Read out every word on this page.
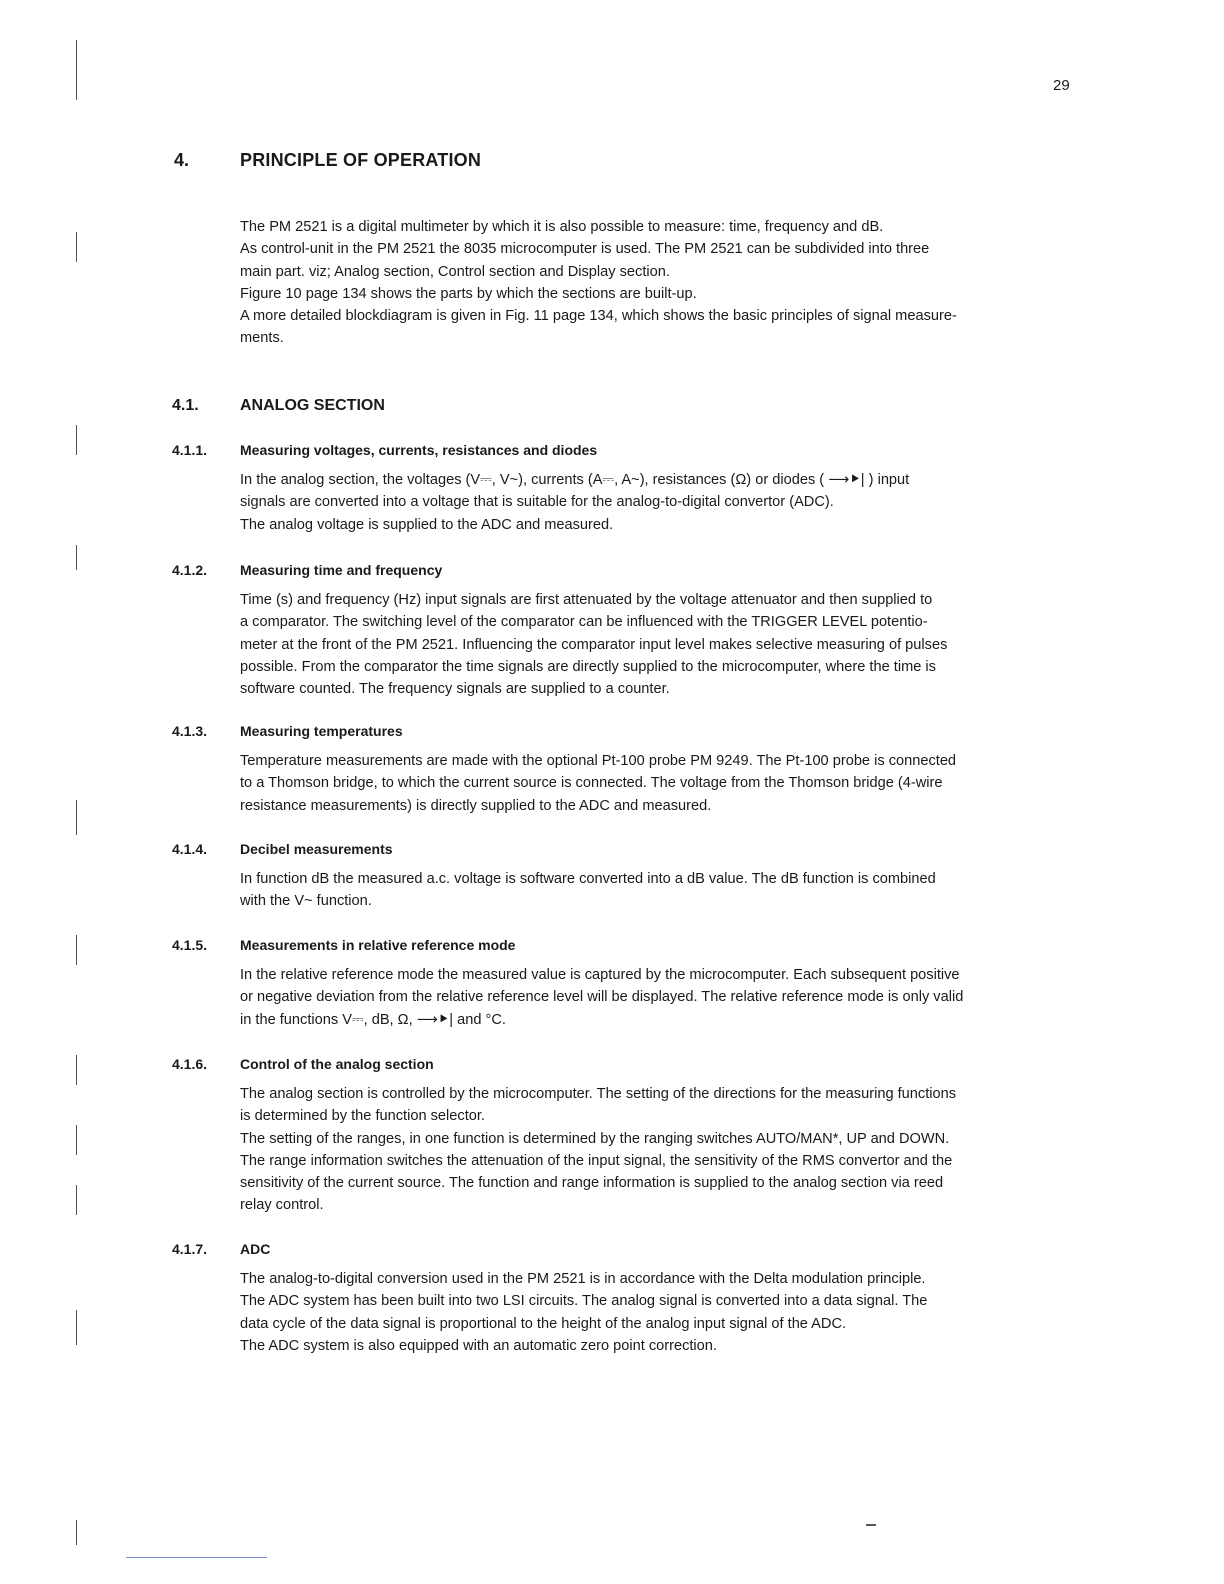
29
4.	PRINCIPLE OF OPERATION
The PM 2521 is a digital multimeter by which it is also possible to measure: time, frequency and dB.
As control-unit in the PM 2521 the 8035 microcomputer is used. The PM 2521 can be subdivided into three
main part. viz; Analog section, Control section and Display section.
Figure 10 page 134 shows the parts by which the sections are built-up.
A more detailed blockdiagram is given in Fig. 11 page 134, which shows the basic principles of signal measure-
ments.
4.1.	ANALOG SECTION
4.1.1. Measuring voltages, currents, resistances and diodes
In the analog section, the voltages (V⎓, V~), currents (A⎓, A~), resistances (Ω) or diodes ( ⟶⯈| ) input
signals are converted into a voltage that is suitable for the analog-to-digital convertor (ADC).
The analog voltage is supplied to the ADC and measured.
4.1.2. Measuring time and frequency
Time (s) and frequency (Hz) input signals are first attenuated by the voltage attenuator and then supplied to
a comparator. The switching level of the comparator can be influenced with the TRIGGER LEVEL potentio-
meter at the front of the PM 2521. Influencing the comparator input level makes selective measuring of pulses
possible. From the comparator the time signals are directly supplied to the microcomputer, where the time is
software counted. The frequency signals are supplied to a counter.
4.1.3. Measuring temperatures
Temperature measurements are made with the optional Pt-100 probe PM 9249. The Pt-100 probe is connected
to a Thomson bridge, to which the current source is connected. The voltage from the Thomson bridge (4-wire
resistance measurements) is directly supplied to the ADC and measured.
4.1.4. Decibel measurements
In function dB the measured a.c. voltage is software converted into a dB value. The dB function is combined
with the V~ function.
4.1.5. Measurements in relative reference mode
In the relative reference mode the measured value is captured by the microcomputer. Each subsequent positive
or negative deviation from the relative reference level will be displayed. The relative reference mode is only valid
in the functions V⎓, dB, Ω, ⟶⯈| and °C.
4.1.6. Control of the analog section
The analog section is controlled by the microcomputer. The setting of the directions for the measuring functions
is determined by the function selector.
The setting of the ranges, in one function is determined by the ranging switches AUTO/MAN*, UP and DOWN.
The range information switches the attenuation of the input signal, the sensitivity of the RMS convertor and the
sensitivity of the current source. The function and range information is supplied to the analog section via reed
relay control.
4.1.7. ADC
The analog-to-digital conversion used in the PM 2521 is in accordance with the Delta modulation principle.
The ADC system has been built into two LSI circuits. The analog signal is converted into a data signal. The
data cycle of the data signal is proportional to the height of the analog input signal of the ADC.
The ADC system is also equipped with an automatic zero point correction.
